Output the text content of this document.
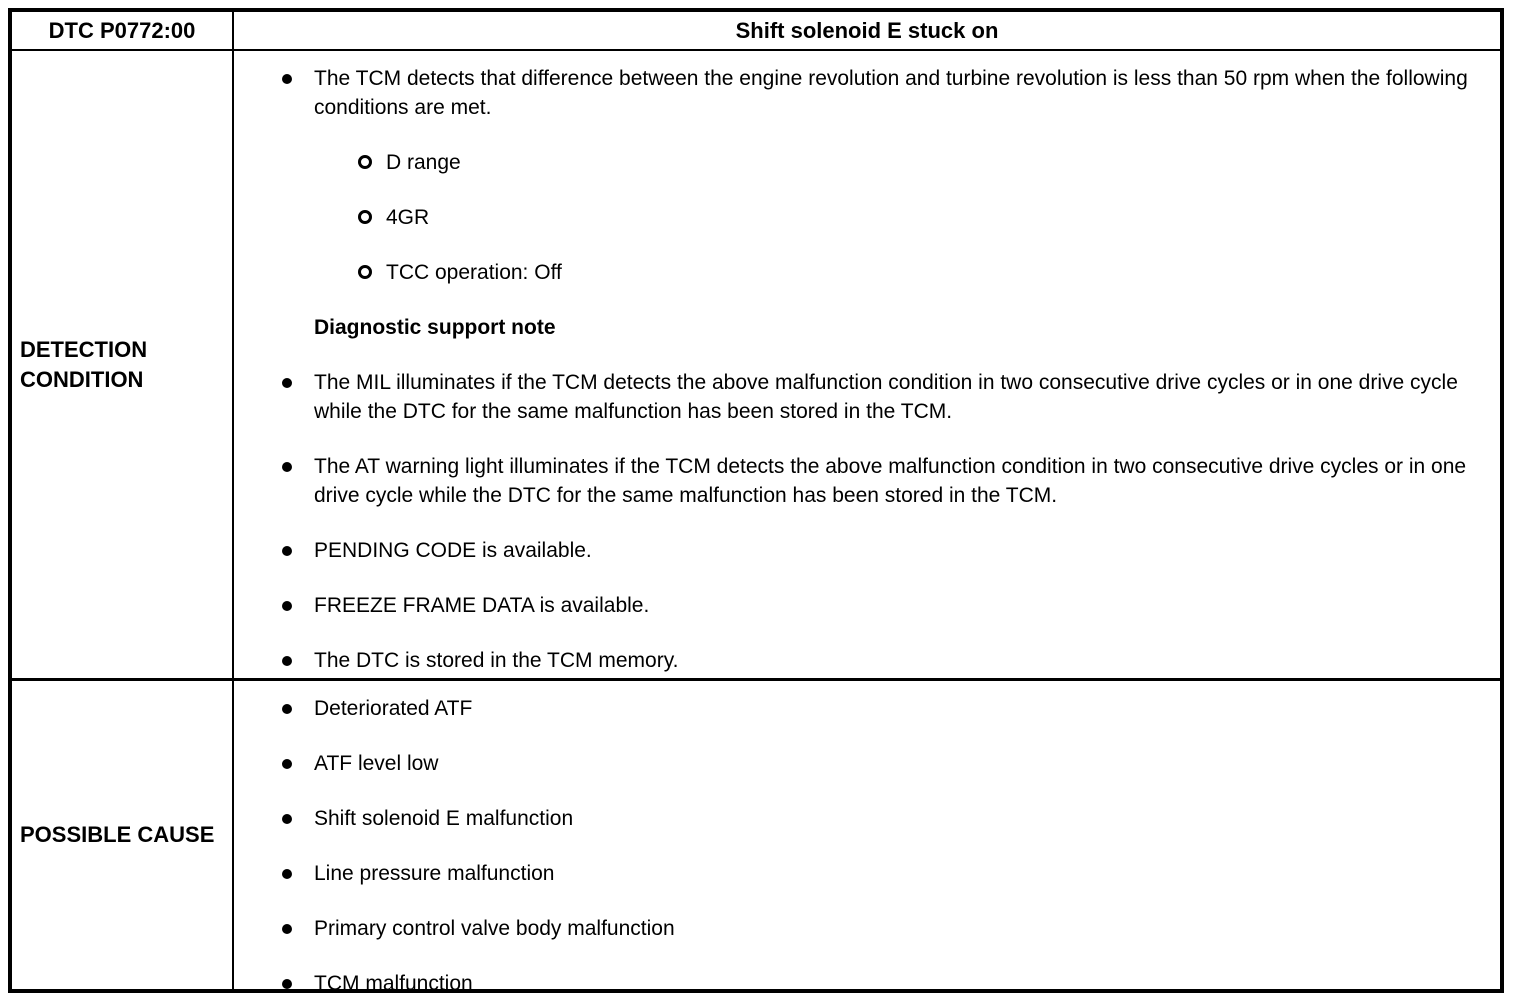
DTC P0772:00	Shift solenoid E stuck on
DETECTION CONDITION
The TCM detects that difference between the engine revolution and turbine revolution is less than 50 rpm when the following conditions are met.
D range
4GR
TCC operation: Off
Diagnostic support note
The MIL illuminates if the TCM detects the above malfunction condition in two consecutive drive cycles or in one drive cycle while the DTC for the same malfunction has been stored in the TCM.
The AT warning light illuminates if the TCM detects the above malfunction condition in two consecutive drive cycles or in one drive cycle while the DTC for the same malfunction has been stored in the TCM.
PENDING CODE is available.
FREEZE FRAME DATA is available.
The DTC is stored in the TCM memory.
POSSIBLE CAUSE
Deteriorated ATF
ATF level low
Shift solenoid E malfunction
Line pressure malfunction
Primary control valve body malfunction
TCM malfunction
